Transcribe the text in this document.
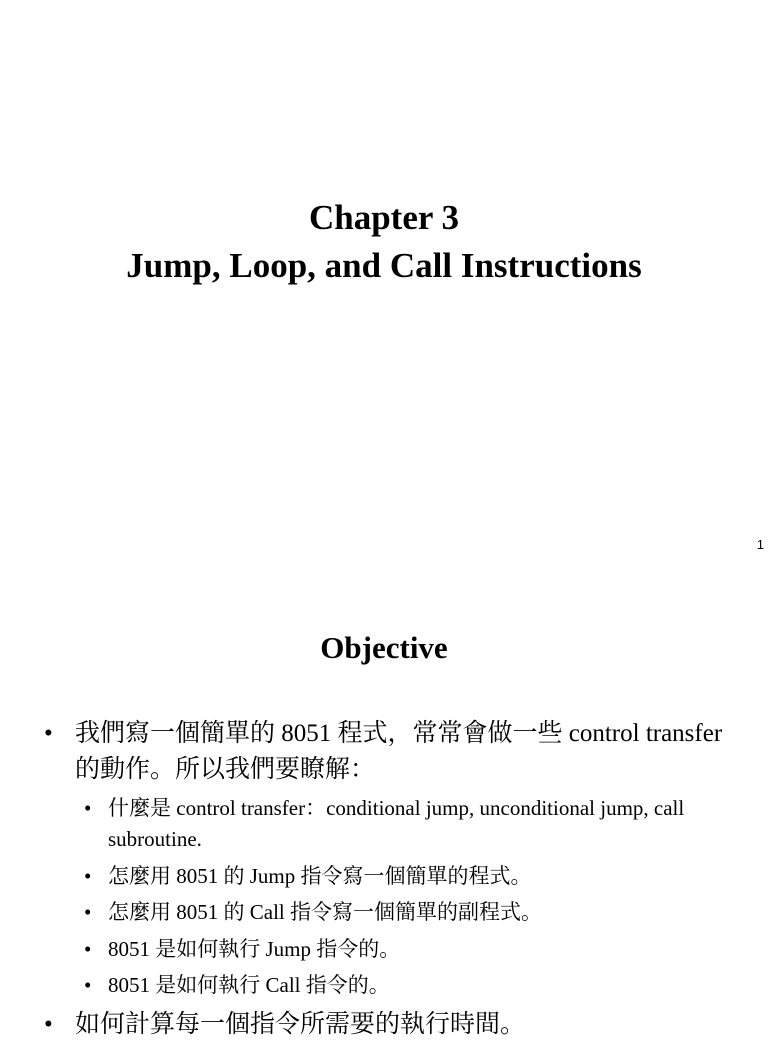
Chapter 3
Jump, Loop, and Call Instructions
1
Objective
• 我們寫一個簡單的 8051 程式，常常會做一些 control transfer 的動作。所以我們要瞭解：
• 什麼是 control transfer：conditional jump, unconditional jump, call subroutine.
• 怎麼用 8051 的 Jump 指令寫一個簡單的程式。
• 怎麼用 8051 的 Call 指令寫一個簡單的副程式。
• 8051 是如何執行 Jump 指令的。
• 8051 是如何執行 Call 指令的。
• 如何計算每一個指令所需要的執行時間。
